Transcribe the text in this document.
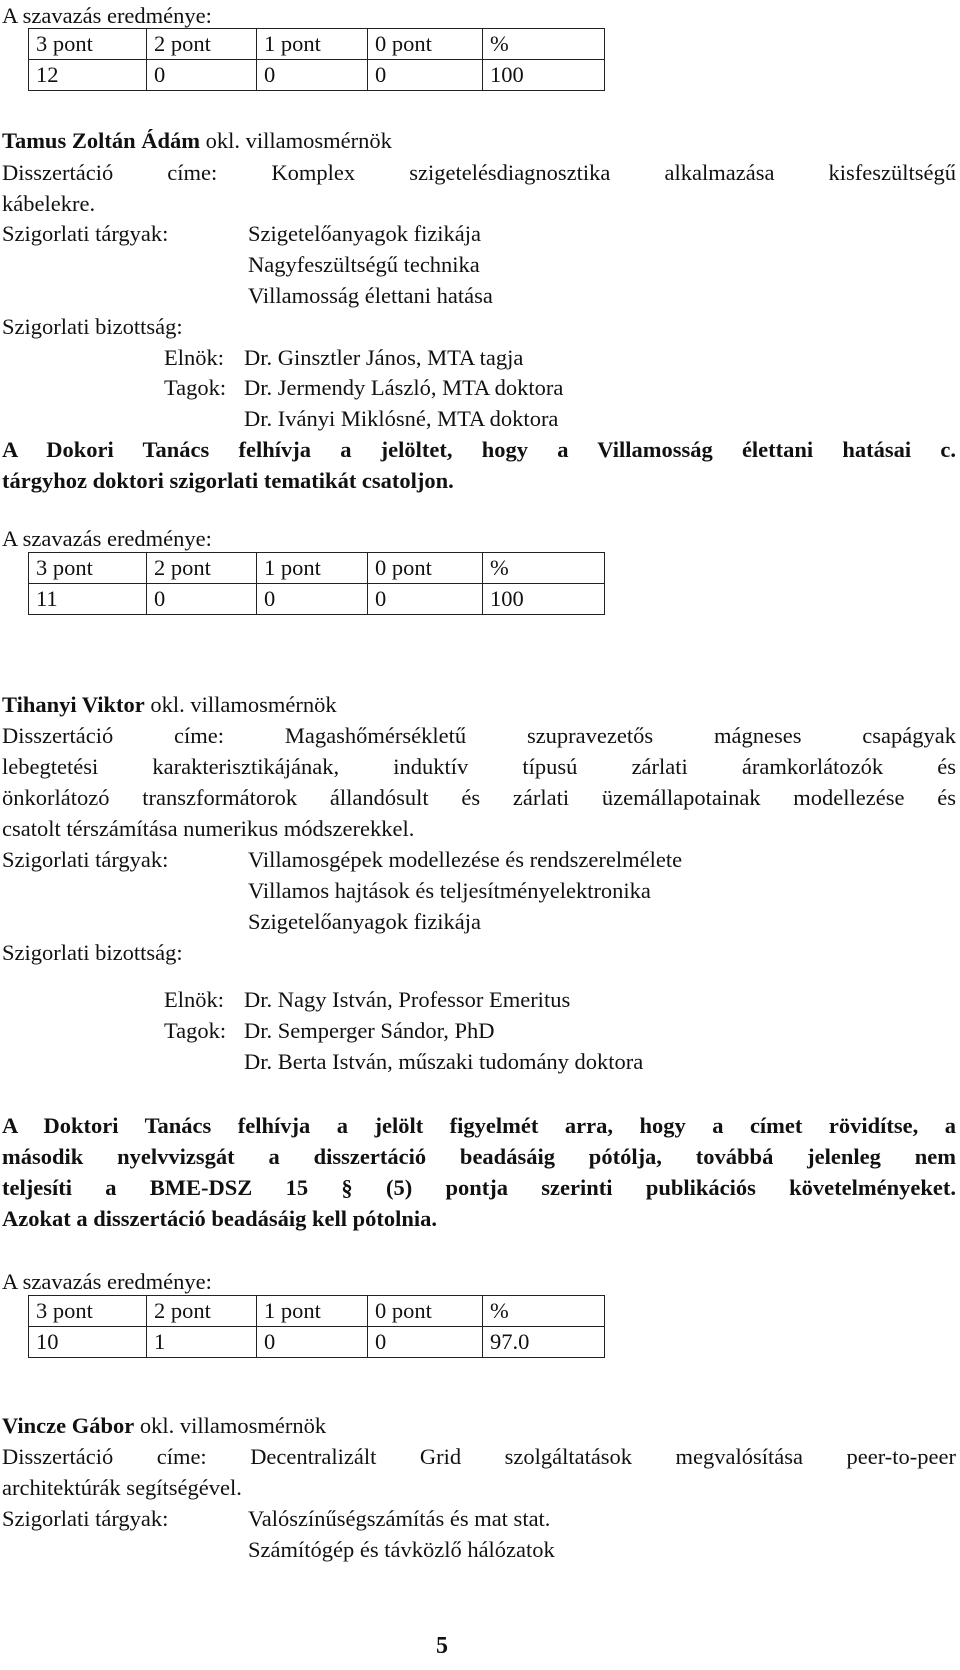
A szavazás eredménye:
3 pont	2 pont	1 pont	0 pont	%
12	0	0	0	100
Tamus Zoltán Ádám okl. villamosmérnök
Disszertáció címe: Komplex szigetelésdiagnosztika alkalmazása kisfeszültségű
kábelekre.
Szigorlati tárgyak:	Szigetelőanyagok fizikája
Nagyfeszültségű technika
Villamosság élettani hatása
Szigorlati bizottság:
Elnök: Dr. Ginsztler János, MTA tagja
Tagok: Dr. Jermendy László, MTA doktora
Dr. Iványi Miklósné, MTA doktora
A Dokori Tanács felhívja a jelöltet, hogy a Villamosság élettani hatásai c.
tárgyhoz doktori szigorlati tematikát csatoljon.
A szavazás eredménye:
3 pont	2 pont	1 pont	0 pont	%
11	0	0	0	100
Tihanyi Viktor okl. villamosmérnök
Disszertáció címe:	Magashőmérsékletű szupravezetős mágneses csapágyak
lebegtetési karakterisztikájának, induktív típusú zárlati áramkorlátozók és
önkorlátozó transzformátorok állandósult és zárlati üzemállapotainak modellezése és
csatolt térszámítása numerikus módszerekkel.
Szigorlati tárgyak:	Villamosgépek modellezése és rendszerelmélete
Villamos hajtások és teljesítményelektronika
Szigetelőanyagok fizikája
Szigorlati bizottság:
Elnök: Dr. Nagy István, Professor Emeritus
Tagok: Dr. Semperger Sándor, PhD
Dr. Berta István, műszaki tudomány doktora
A Doktori Tanács felhívja a jelölt figyelmét arra, hogy a címet rövidítse, a
második nyelvvizsgát a disszertáció beadásáig pótólja, továbbá jelenleg nem
teljesíti a BME-DSZ 15 § (5) pontja szerinti publikációs követelményeket.
Azokat a disszertáció beadásáig kell pótolnia.
A szavazás eredménye:
3 pont	2 pont	1 pont	0 pont	%
10	1	0	0	97.0
Vincze Gábor okl. villamosmérnök
Disszertáció címe: Decentralizált Grid szolgáltatások megvalósítása peer-to-peer
architektúrák segítségével.
Szigorlati tárgyak:	Valószínűségszámítás és mat stat.
Számítógép és távközlő hálózatok
5
